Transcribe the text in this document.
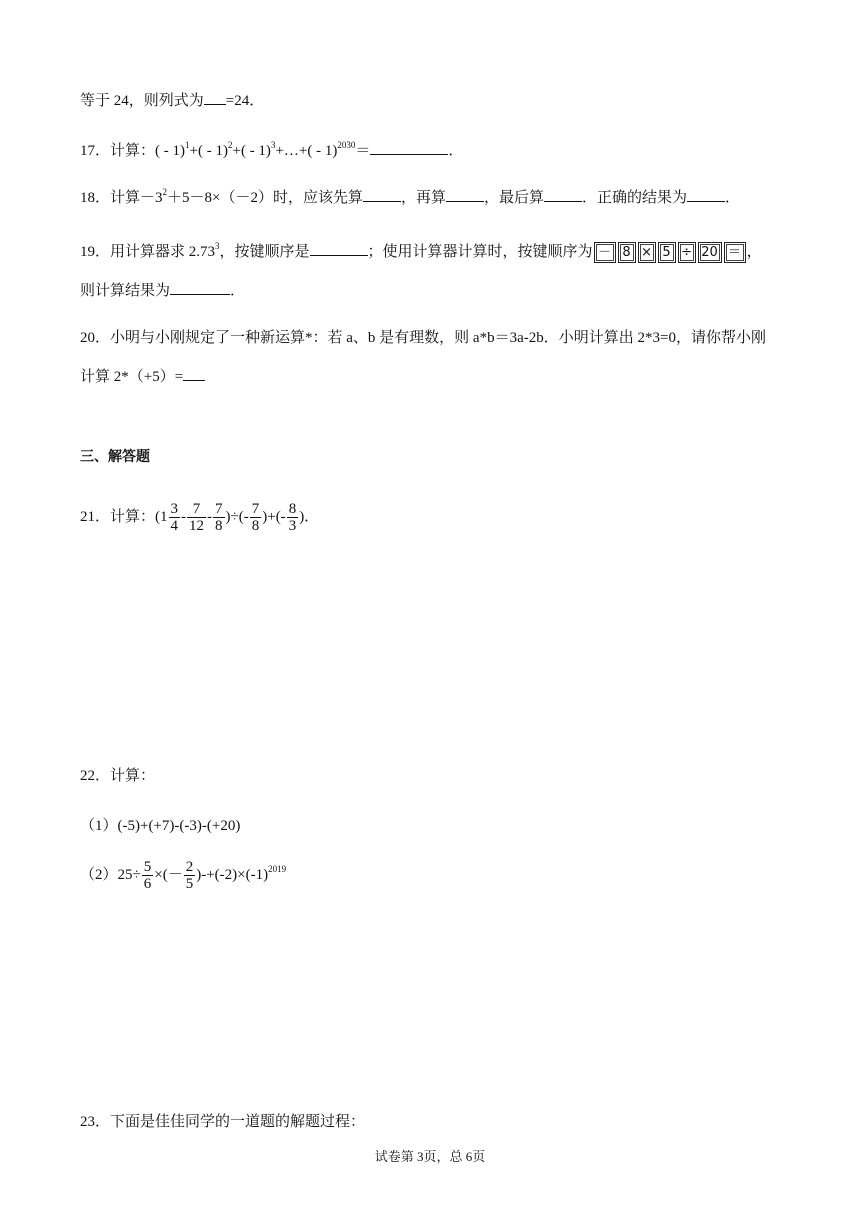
等于 24，则列式为 =24．
17．计算：( - 1)$^1$+( - 1)$^2$+( - 1)$^3$+…+( - 1)$^{2030}$＝	．
18．计算$-3^2+5-8\times(-2)$时，应该先算	，再算	，最后算	．正确的结果为	．
19．用计算器求 2.73$^3$，按键顺序是	；使用计算器计算时，按键顺序为 － 8 × 5 ÷ 20 ＝ ，
则计算结果为	．
20．小明与小刚规定了一种新运算*：若 a、b 是有理数，则 a*b＝3a-2b．小明计算出 2*3=0，请你帮小刚
计算 2*（+5）=
三、解答题
21．计算：($1 \frac{3}{4} - \frac{7}{12} - \frac{7}{8}$ )÷(- $\frac{7}{8}$ )+(- $\frac{8}{3}$ )．
22．计算：
（1）(-5)+(+7)-(-3)-(+20)
$(2)25\div \frac{5}{6}$ ×(－ $\frac{2}{5} )-+(-2)\times(-1)^{2019}$
23．下面是佳佳同学的一道题的解题过程：
试卷第 3页，总 6页
